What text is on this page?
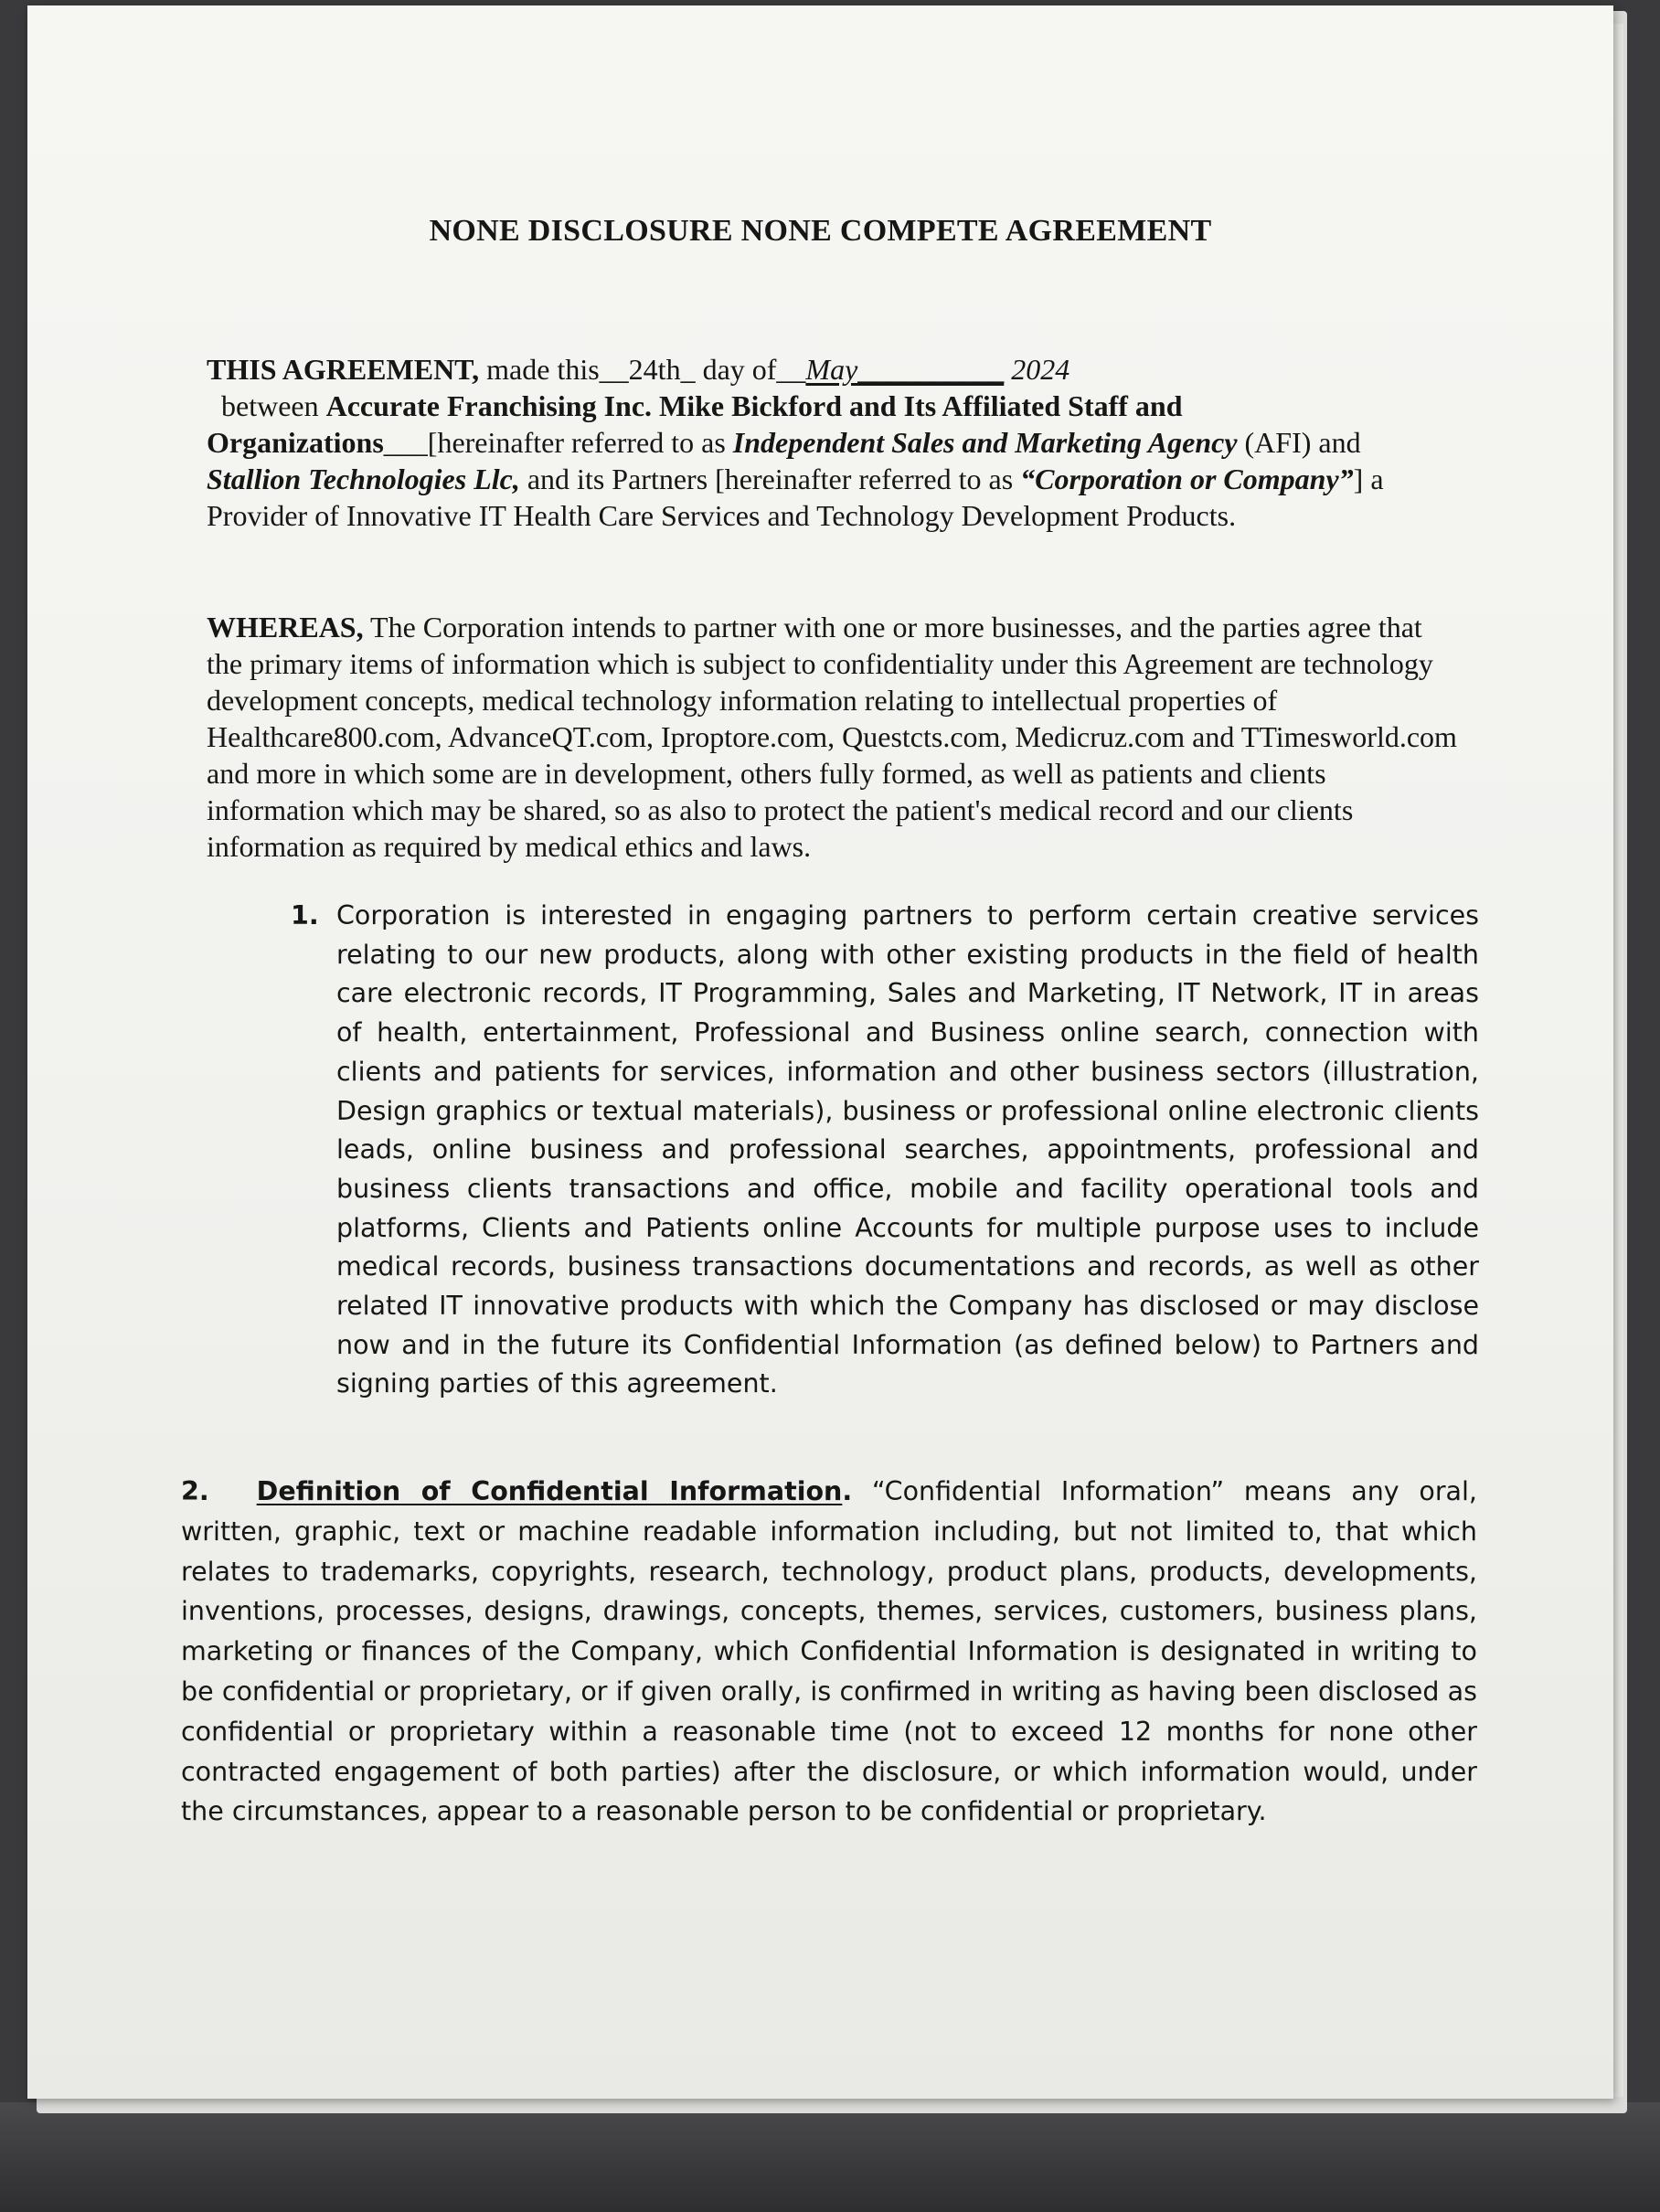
NONE DISCLOSURE NONE COMPETE AGREEMENT

THIS AGREEMENT, made this__24th_ day of__May__________ 2024
between Accurate Franchising Inc. Mike Bickford and Its Affiliated Staff and Organizations___[hereinafter referred to as Independent Sales and Marketing Agency (AFI) and Stallion Technologies Llc, and its Partners [hereinafter referred to as “Corporation or Company”] a Provider of Innovative IT Health Care Services and Technology Development Products.

WHEREAS, The Corporation intends to partner with one or more businesses, and the parties agree that the primary items of information which is subject to confidentiality under this Agreement are technology development concepts, medical technology information relating to intellectual properties of Healthcare800.com, AdvanceQT.com, Iproptore.com, Questcts.com, Medicruz.com and TTimesworld.com and more in which some are in development, others fully formed, as well as patients and clients information which may be shared, so as also to protect the patient's medical record and our clients information as required by medical ethics and laws.

1. Corporation is interested in engaging partners to perform certain creative services relating to our new products, along with other existing products in the field of health care electronic records, IT Programming, Sales and Marketing, IT Network, IT in areas of health, entertainment, Professional and Business online search, connection with clients and patients for services, information and other business sectors (illustration, Design graphics or textual materials), business or professional online electronic clients leads, online business and professional searches, appointments, professional and business clients transactions and office, mobile and facility operational tools and platforms, Clients and Patients online Accounts for multiple purpose uses to include medical records, business transactions documentations and records, as well as other related IT innovative products with which the Company has disclosed or may disclose now and in the future its Confidential Information (as defined below) to Partners and signing parties of this agreement.
2. Definition of Confidential Information. “Confidential Information” means any oral, written, graphic, text or machine readable information including, but not limited to, that which relates to trademarks, copyrights, research, technology, product plans, products, developments, inventions, processes, designs, drawings, concepts, themes, services, customers, business plans, marketing or finances of the Company, which Confidential Information is designated in writing to be confidential or proprietary, or if given orally, is confirmed in writing as having been disclosed as confidential or proprietary within a reasonable time (not to exceed 12 months for none other contracted engagement of both parties) after the disclosure, or which information would, under the circumstances, appear to a reasonable person to be confidential or proprietary.
